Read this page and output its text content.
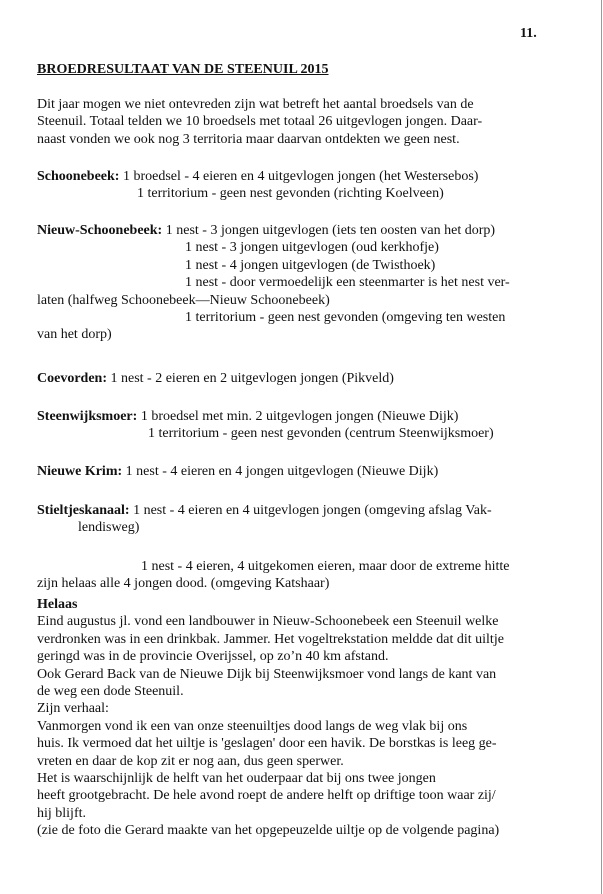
11.
BROEDRESULTAAT VAN DE STEENUIL 2015
Dit jaar mogen we niet ontevreden zijn wat betreft het aantal broedsels van de
Steenuil. Totaal telden we 10 broedsels met totaal 26 uitgevlogen jongen. Daar-
naast vonden we ook nog 3 territoria maar daarvan ontdekten we geen nest.
Schoonebeek: 1 broedsel - 4 eieren en 4 uitgevlogen jongen (het Westersebos)
1 territorium - geen nest gevonden (richting Koelveen)
Nieuw-Schoonebeek: 1 nest - 3 jongen uitgevlogen (iets ten oosten van het dorp)
1 nest - 3 jongen uitgevlogen (oud kerkhofje)
1 nest - 4 jongen uitgevlogen (de Twisthoek)
1 nest - door vermoedelijk een steenmarter is het nest ver-
laten (halfweg Schoonebeek—Nieuw Schoonebeek)
1 territorium - geen nest gevonden (omgeving ten westen
van het dorp)
Coevorden: 1 nest - 2 eieren en 2 uitgevlogen jongen (Pikveld)
Steenwijksmoer: 1 broedsel met min. 2 uitgevlogen jongen (Nieuwe Dijk)
1 territorium - geen nest gevonden (centrum Steenwijksmoer)
Nieuwe Krim: 1 nest - 4 eieren en 4 jongen uitgevlogen (Nieuwe Dijk)
Stieltjeskanaal: 1 nest - 4 eieren en 4 uitgevlogen jongen (omgeving afslag Vak-
lendisweg)
1 nest - 4 eieren, 4 uitgekomen eieren, maar door de extreme hitte
zijn helaas alle 4 jongen dood. (omgeving Katshaar)
Helaas
Eind augustus jl. vond een landbouwer in Nieuw-Schoonebeek een Steenuil welke
verdronken was in een drinkbak. Jammer. Het vogeltrekstation meldde dat dit uiltje
geringd was in de provincie Overijssel, op zo’n 40 km afstand.
Ook Gerard Back van de Nieuwe Dijk bij Steenwijksmoer vond langs de kant van
de weg een dode Steenuil.
Zijn verhaal:
Vanmorgen vond ik een van onze steenuiltjes dood langs de weg vlak bij ons
huis. Ik vermoed dat het uiltje is 'geslagen' door een havik. De borstkas is leeg ge-
vreten en daar de kop zit er nog aan, dus geen sperwer.
Het is waarschijnlijk de helft van het ouderpaar dat bij ons twee jongen
heeft grootgebracht. De hele avond roept de andere helft op driftige toon waar zij/
hij blijft.
(zie de foto die Gerard maakte van het opgepeuzelde uiltje op de volgende pagina)
